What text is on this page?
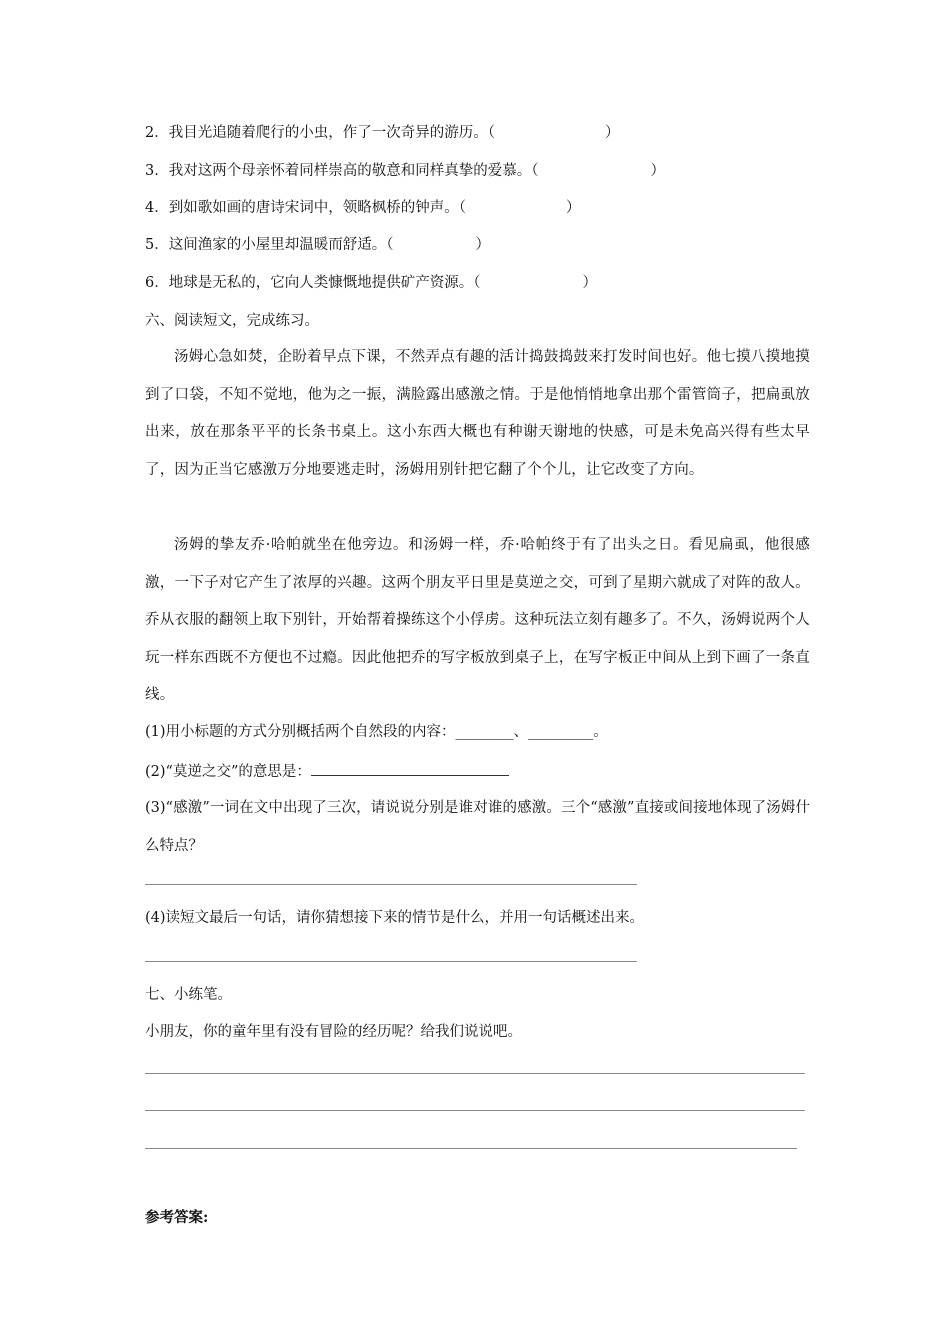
2．我目光追随着爬行的小虫，作了一次奇异的游历。（	）
3．我对这两个母亲怀着同样崇高的敬意和同样真挚的爱慕。（	）
4．到如歌如画的唐诗宋词中，领略枫桥的钟声。（	）
5．这间渔家的小屋里却温暖而舒适。（	）
6．地球是无私的，它向人类慷慨地提供矿产资源。（	）
六、阅读短文，完成练习。
汤姆心急如焚，企盼着早点下课，不然弄点有趣的活计捣鼓捣鼓来打发时间也好。他七摸八摸地摸到了口袋，不知不觉地，他为之一振，满脸露出感激之情。于是他悄悄地拿出那个雷管筒子，把扁虱放出来，放在那条平平的长条书桌上。这小东西大概也有种谢天谢地的快感，可是未免高兴得有些太早了，因为正当它感激万分地要逃走时，汤姆用别针把它翻了个个儿，让它改变了方向。
汤姆的挚友乔·哈帕就坐在他旁边。和汤姆一样，乔·哈帕终于有了出头之日。看见扁虱，他很感激，一下子对它产生了浓厚的兴趣。这两个朋友平日里是莫逆之交，可到了星期六就成了对阵的敌人。乔从衣服的翻领上取下别针，开始帮着操练这个小俘虏。这种玩法立刻有趣多了。不久，汤姆说两个人玩一样东西既不方便也不过瘾。因此他把乔的写字板放到桌子上，在写字板正中间从上到下画了一条直线。
(1)用小标题的方式分别概括两个自然段的内容：________、_________。
(2)“莫逆之交”的意思是：
(3)“感激”一词在文中出现了三次，请说说分别是谁对谁的感激。三个“感激”直接或间接地体现了汤姆什么特点？
(4)读短文最后一句话，请你猜想接下来的情节是什么，并用一句话概述出来。
七、小练笔。
小朋友，你的童年里有没有冒险的经历呢？给我们说说吧。
参考答案:
